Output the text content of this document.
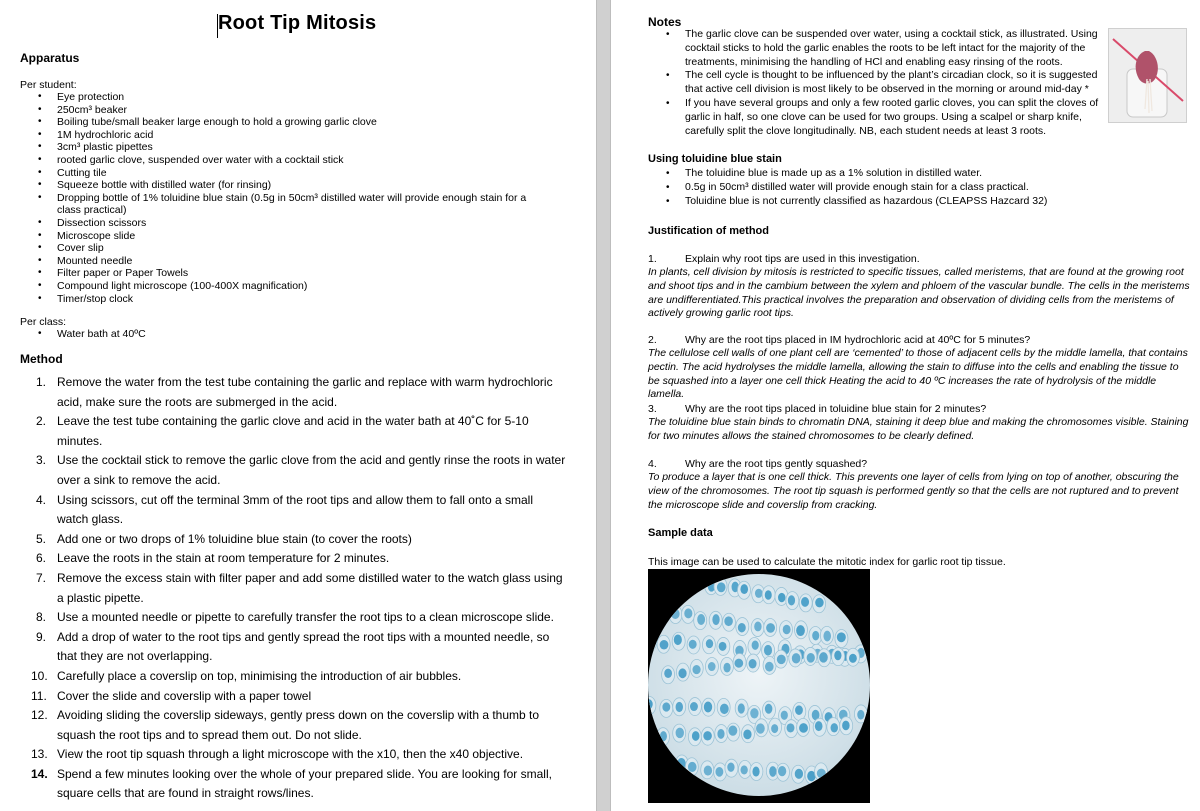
Root Tip Mitosis
Apparatus
Per student:
• Eye protection
• 250cm³ beaker
• Boiling tube/small beaker large enough to hold a growing garlic clove
• 1M hydrochloric acid
• 3cm³ plastic pipettes
• rooted garlic clove, suspended over water with a cocktail stick
• Cutting tile
• Squeeze bottle with distilled water (for rinsing)
• Dropping bottle of 1% toluidine blue stain (0.5g in 50cm³ distilled water will provide enough stain for a class practical)
• Dissection scissors
• Microscope slide
• Cover slip
• Mounted needle
• Filter paper or Paper Towels
• Compound light microscope (100-400X magnification)
• Timer/stop clock
Per class:
• Water bath at 40ºC
Method
1. Remove the water from the test tube containing the garlic and replace with warm hydrochloric acid, make sure the roots are submerged in the acid.
2. Leave the test tube containing the garlic clove and acid in the water bath at 40˚C for 5-10 minutes.
3. Use the cocktail stick to remove the garlic clove from the acid and gently rinse the roots in water over a sink to remove the acid.
4. Using scissors, cut off the terminal 3mm of the root tips and allow them to fall onto a small watch glass.
5. Add one or two drops of 1% toluidine blue stain (to cover the roots)
6. Leave the roots in the stain at room temperature for 2 minutes.
7. Remove the excess stain with filter paper and add some distilled water to the watch glass using a plastic pipette.
8. Use a mounted needle or pipette to carefully transfer the root tips to a clean microscope slide.
9. Add a drop of water to the root tips and gently spread the root tips with a mounted needle, so that they are not overlapping.
10. Carefully place a coverslip on top, minimising the introduction of air bubbles.
11. Cover the slide and coverslip with a paper towel
12. Avoiding sliding the coverslip sideways, gently press down on the coverslip with a thumb to squash the root tips and to spread them out. Do not slide.
13. View the root tip squash through a light microscope with the x10, then the x40 objective.
14. Spend a few minutes looking over the whole of your prepared slide. You are looking for small, square cells that are found in straight rows/lines.
Notes
• The garlic clove can be suspended over water, using a cocktail stick, as illustrated. Using cocktail sticks to hold the garlic enables the roots to be left intact for the majority of the treatments, minimising the handling of HCl and enabling easy rinsing of the roots.
• The cell cycle is thought to be influenced by the plant’s circadian clock, so it is suggested that active cell division is most likely to be observed in the morning or around mid-day *
• If you have several groups and only a few rooted garlic cloves, you can split the cloves of garlic in half, so one clove can be used for two groups. Using a scalpel or sharp knife, carefully split the clove longitudinally. NB, each student needs at least 3 roots.
Using toluidine blue stain
• The toluidine blue is made up as a 1% solution in distilled water.
• 0.5g in 50cm³ distilled water will provide enough stain for a class practical.
• Toluidine blue is not currently classified as hazardous (CLEAPSS Hazcard 32)
Justification of method
1.	Explain why root tips are used in this investigation.
In plants, cell division by mitosis is restricted to specific tissues, called meristems, that are found at the growing root and shoot tips and in the cambium between the xylem and phloem of the vascular bundle. The cells in the meristems are undifferentiated.This practical involves the preparation and observation of dividing cells from the meristems of actively growing garlic root tips.
2.	Why are the root tips placed in IM hydrochloric acid at 40ºC for 5 minutes?
The cellulose cell walls of one plant cell are ‘cemented’ to those of adjacent cells by the middle lamella, that contains pectin. The acid hydrolyses the middle lamella, allowing the stain to diffuse into the cells and enabling the tissue to be squashed into a layer one cell thick Heating the acid to 40 ºC increases the rate of hydrolysis of the middle lamella.
3.	Why are the root tips placed in toluidine blue stain for 2 minutes?
The toluidine blue stain binds to chromatin DNA, staining it deep blue and making the chromosomes visible. Staining for two minutes allows the stained chromosomes to be clearly defined.
4.	Why are the root tips gently squashed?
To produce a layer that is one cell thick. This prevents one layer of cells from lying on top of another, obscuring the view of the chromosomes. The root tip squash is performed gently so that the cells are not ruptured and to prevent the microscope slide and coverslip from cracking.
Sample data
This image can be used to calculate the mitotic index for garlic root tip tissue.
